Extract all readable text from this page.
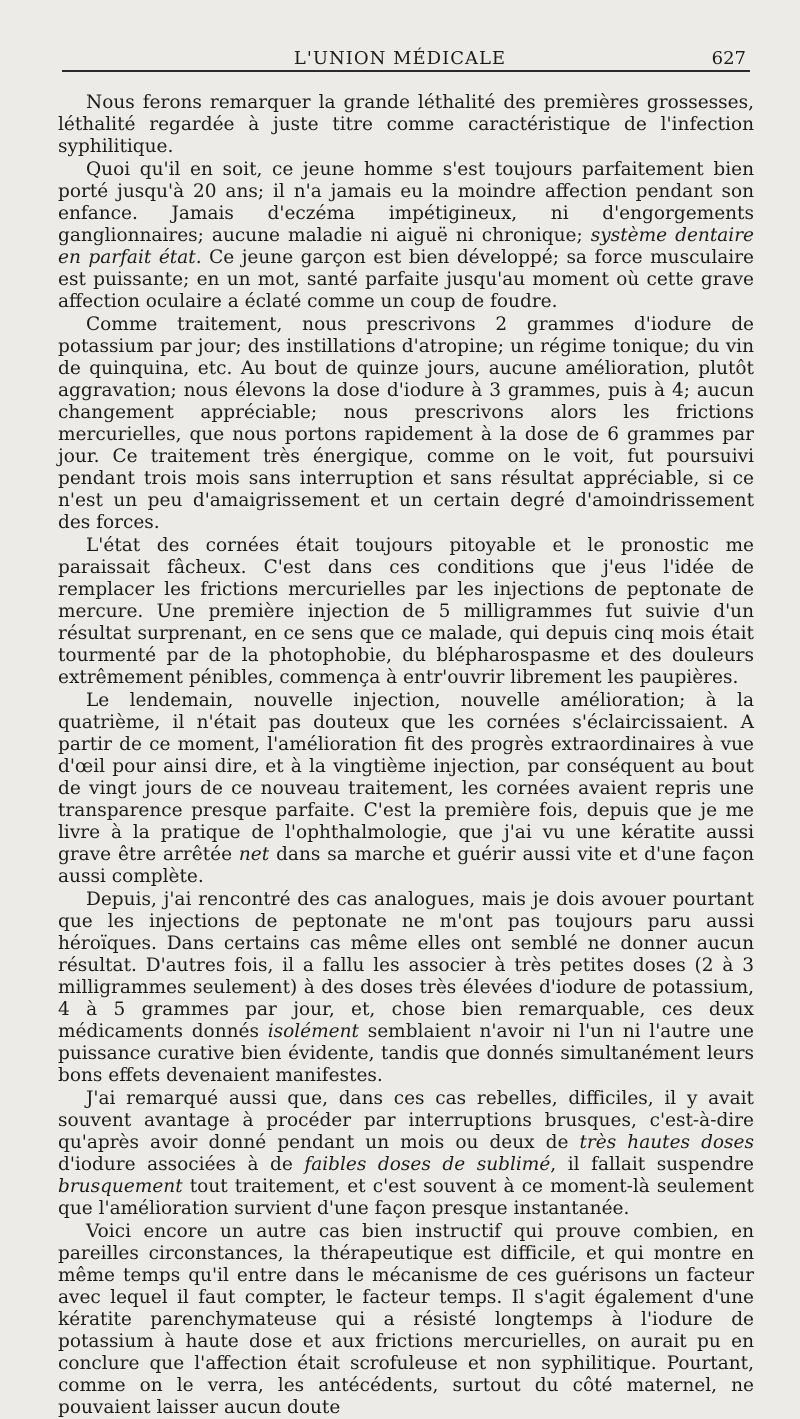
L'UNION MÉDICALE	627

Nous ferons remarquer la grande léthalité des premières grossesses, léthalité regardée à juste titre comme caractéristique de l'infection syphilitique.

Quoi qu'il en soit, ce jeune homme s'est toujours parfaitement bien porté jusqu'à 20 ans; il n'a jamais eu la moindre affection pendant son enfance. Jamais d'eczéma impétigineux, ni d'engorgements ganglionnaires; aucune maladie ni aiguë ni chronique; système dentaire en parfait état. Ce jeune garçon est bien développé; sa force musculaire est puissante; en un mot, santé parfaite jusqu'au moment où cette grave affection oculaire a éclaté comme un coup de foudre.

Comme traitement, nous prescrivons 2 grammes d'iodure de potassium par jour; des instillations d'atropine; un régime tonique; du vin de quinquina, etc. Au bout de quinze jours, aucune amélioration, plutôt aggravation; nous élevons la dose d'iodure à 3 grammes, puis à 4; aucun changement appréciable; nous prescrivons alors les frictions mercurielles, que nous portons rapidement à la dose de 6 grammes par jour. Ce traitement très énergique, comme on le voit, fut poursuivi pendant trois mois sans interruption et sans résultat appréciable, si ce n'est un peu d'amaigrissement et un certain degré d'amoindrissement des forces.

L'état des cornées était toujours pitoyable et le pronostic me paraissait fâcheux. C'est dans ces conditions que j'eus l'idée de remplacer les frictions mercurielles par les injections de peptonate de mercure. Une première injection de 5 milligrammes fut suivie d'un résultat surprenant, en ce sens que ce malade, qui depuis cinq mois était tourmenté par de la photophobie, du blépharospasme et des douleurs extrêmement pénibles, commença à entr'ouvrir librement les paupières.

Le lendemain, nouvelle injection, nouvelle amélioration; à la quatrième, il n'était pas douteux que les cornées s'éclaircissaient. A partir de ce moment, l'amélioration fit des progrès extraordinaires à vue d'œil pour ainsi dire, et à la vingtième injection, par conséquent au bout de vingt jours de ce nouveau traitement, les cornées avaient repris une transparence presque parfaite. C'est la première fois, depuis que je me livre à la pratique de l'ophthalmologie, que j'ai vu une kératite aussi grave être arrêtée net dans sa marche et guérir aussi vite et d'une façon aussi complète.

Depuis, j'ai rencontré des cas analogues, mais je dois avouer pourtant que les injections de peptonate ne m'ont pas toujours paru aussi héroïques. Dans certains cas même elles ont semblé ne donner aucun résultat. D'autres fois, il a fallu les associer à très petites doses (2 à 3 milligrammes seulement) à des doses très élevées d'iodure de potassium, 4 à 5 grammes par jour, et, chose bien remarquable, ces deux médicaments donnés isolément semblaient n'avoir ni l'un ni l'autre une puissance curative bien évidente, tandis que donnés simultanément leurs bons effets devenaient manifestes.

J'ai remarqué aussi que, dans ces cas rebelles, difficiles, il y avait souvent avantage à procéder par interruptions brusques, c'est-à-dire qu'après avoir donné pendant un mois ou deux de très hautes doses d'iodure associées à de faibles doses de sublimé, il fallait suspendre brusquement tout traitement, et c'est souvent à ce moment-là seulement que l'amélioration survient d'une façon presque instantanée.

Voici encore un autre cas bien instructif qui prouve combien, en pareilles circonstances, la thérapeutique est difficile, et qui montre en même temps qu'il entre dans le mécanisme de ces guérisons un facteur avec lequel il faut compter, le facteur temps. Il s'agit également d'une kératite parenchymateuse qui a résisté longtemps à l'iodure de potassium à haute dose et aux frictions mercurielles, on aurait pu en conclure que l'affection était scrofuleuse et non syphilitique. Pourtant, comme on le verra, les antécédents, surtout du côté maternel, ne pouvaient laisser aucun doute
